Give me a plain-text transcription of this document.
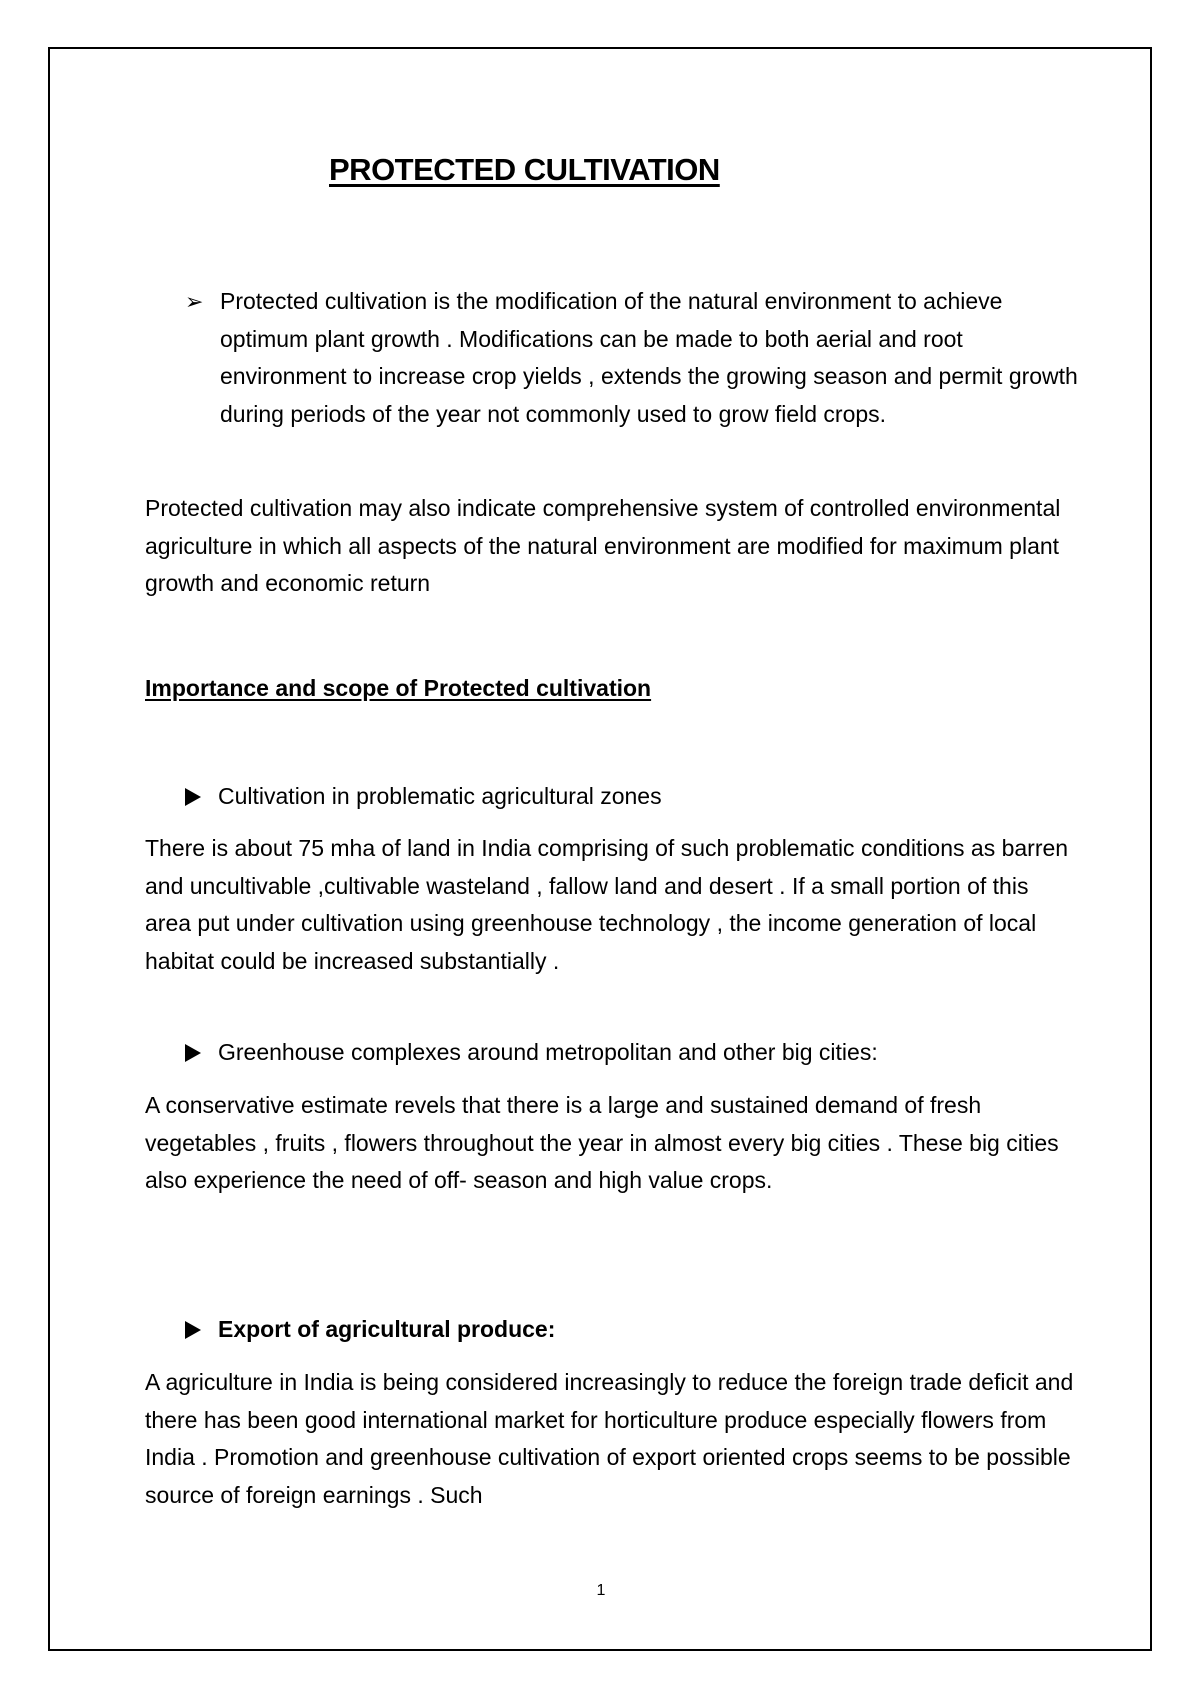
PROTECTED CULTIVATION
➢ Protected cultivation is the modification of the natural environment to achieve optimum plant growth . Modifications can be made to both aerial and root environment to increase crop yields , extends the growing season and permit growth during periods of the year not commonly used to grow field crops.
Protected cultivation may also indicate comprehensive system of controlled environmental agriculture in which all aspects of the natural environment are modified for maximum plant growth and economic return
Importance and scope of Protected cultivation
Cultivation in problematic agricultural zones
There is about 75 mha of land in India comprising of such problematic conditions as barren and uncultivable ,cultivable wasteland , fallow land and desert . If a small portion of this area put under cultivation using greenhouse technology , the income generation of local habitat could be increased substantially .
Greenhouse complexes around metropolitan and other big cities:
A conservative estimate revels that there is a large and sustained demand of fresh vegetables , fruits , flowers throughout the year in almost every big cities . These big cities also experience the need of off- season and high value crops.
Export of agricultural produce:
A agriculture in India is being considered increasingly to reduce the foreign trade deficit and there has been good international market for horticulture produce especially flowers from India . Promotion and greenhouse cultivation of export oriented crops seems to be possible source of foreign earnings . Such
1
